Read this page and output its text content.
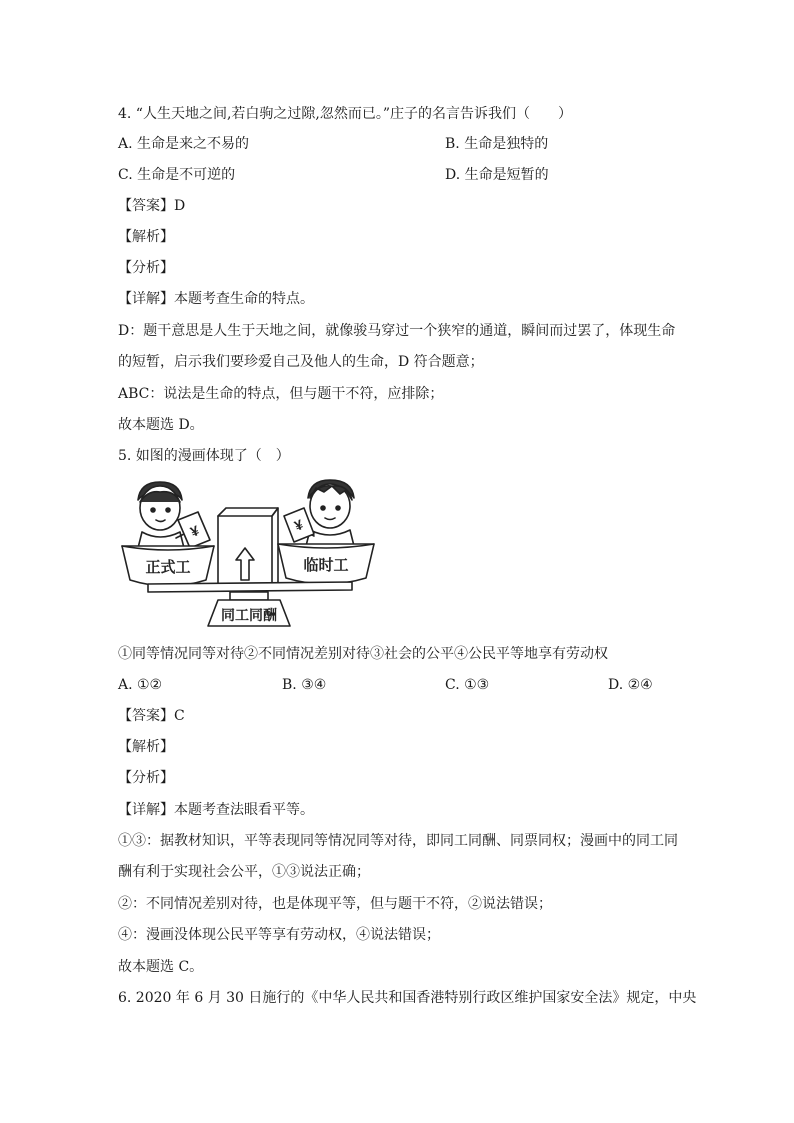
4. “人生天地之间,若白驹之过隙,忽然而已。”庄子的名言告诉我们（　　）
A. 生命是来之不易的	B. 生命是独特的
C. 生命是不可逆的	D. 生命是短暂的
【答案】D
【解析】
【分析】
【详解】本题考查生命的特点。
D：题干意思是人生于天地之间，就像骏马穿过一个狭窄的通道，瞬间而过罢了，体现生命
的短暂，启示我们要珍爱自己及他人的生命，D 符合题意；
ABC：说法是生命的特点，但与题干不符，应排除；
故本题选 D。
5. 如图的漫画体现了（　）
正式工	临时工
同工同酬
¥	¥
①同等情况同等对待②不同情况差别对待③社会的公平④公民平等地享有劳动权
A. ①②	B. ③④	C. ①③	D. ②④
【答案】C
【解析】
【分析】
【详解】本题考查法眼看平等。
①③：据教材知识，平等表现同等情况同等对待，即同工同酬、同票同权；漫画中的同工同
酬有利于实现社会公平，①③说法正确；
②：不同情况差别对待，也是体现平等，但与题干不符，②说法错误；
④：漫画没体现公民平等享有劳动权，④说法错误；
故本题选 C。
6. 2020 年 6 月 30 日施行的《中华人民共和国香港特别行政区维护国家安全法》规定，中央
